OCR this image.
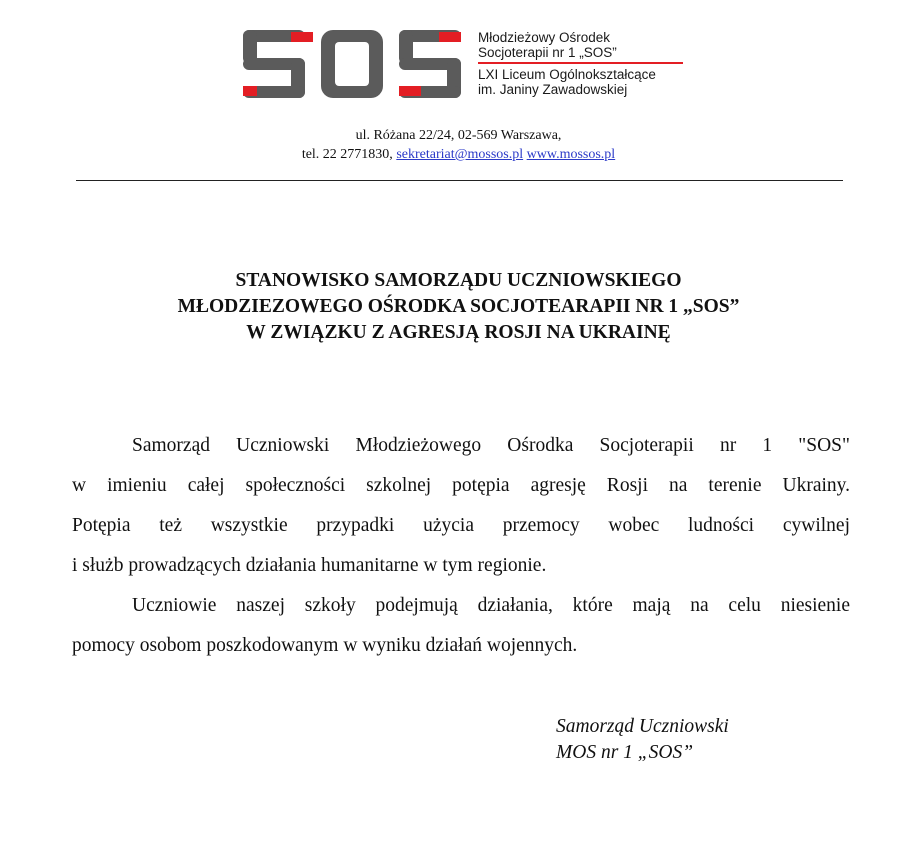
Młodzieżowy Ośrodek
Socjoterapii nr 1 „SOS”
LXI Liceum Ogólnokształcące
im. Janiny Zawadowskiej
ul. Różana 22/24, 02-569 Warszawa,
tel. 22 2771830, sekretariat@mossos.pl www.mossos.pl
STANOWISKO SAMORZĄDU UCZNIOWSKIEGO
MŁODZIEZOWEGO OŚRODKA SOCJOTEARAPII NR 1 „SOS”
W ZWIĄZKU Z AGRESJĄ ROSJI NA UKRAINĘ

Samorząd Uczniowski Młodzieżowego Ośrodka Socjoterapii nr 1 "SOS"
w imieniu całej społeczności szkolnej potępia agresję Rosji na terenie Ukrainy.
Potępia też wszystkie przypadki użycia przemocy wobec ludności cywilnej
i służb prowadzących działania humanitarne w tym regionie.

Uczniowie naszej szkoły podejmują działania, które mają na celu niesienie
pomocy osobom poszkodowanym w wyniku działań wojennych.

Samorząd Uczniowski
MOS nr 1 „SOS”
